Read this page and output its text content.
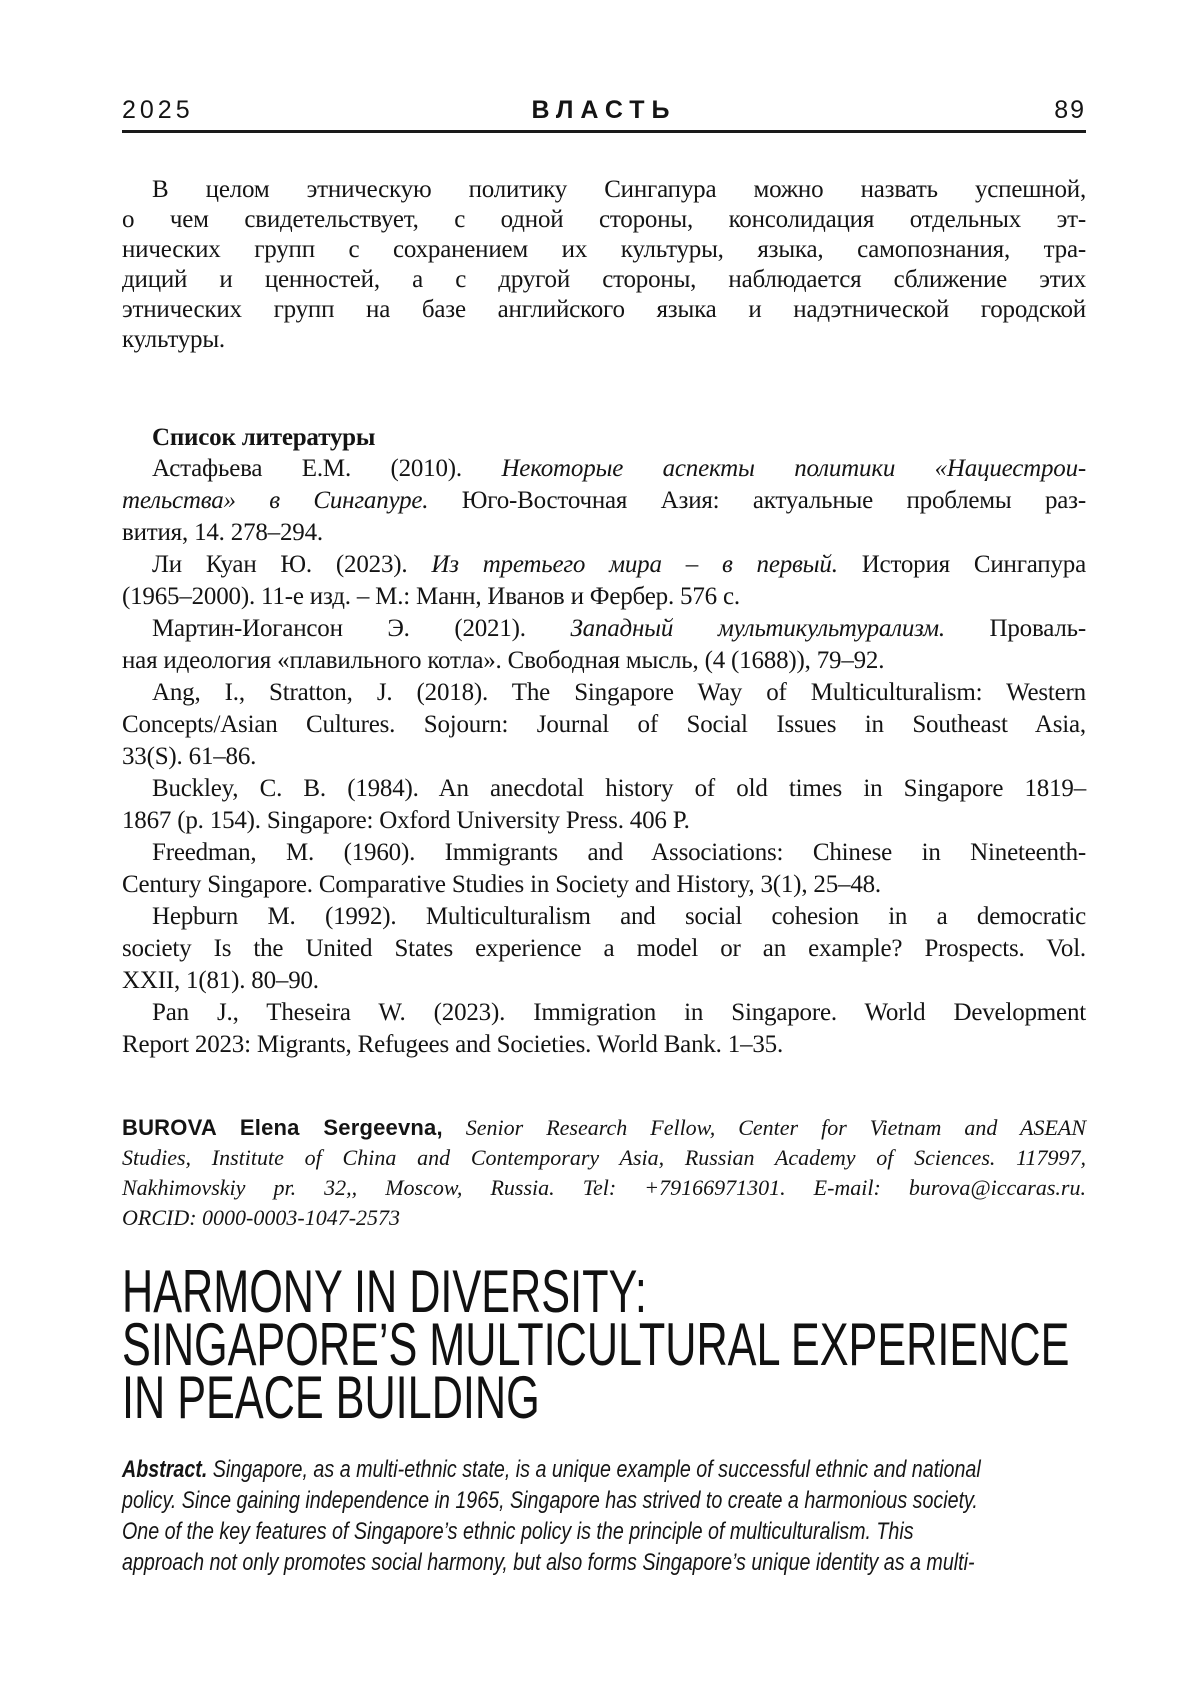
2025	ВЛАСТЬ	89
В целом этническую политику Сингапура можно назвать успешной,
о чем свидетельствует, с одной стороны, консолидация отдельных эт-
нических групп с сохранением их культуры, языка, самопознания, тра-
диций и ценностей, а с другой стороны, наблюдается сближение этих
этнических групп на базе английского языка и надэтнической городской
культуры.
Список литературы
Астафьева Е.М. (2010). Некоторые аспекты политики «Нациестрои-
тельства» в Сингапуре. Юго-Восточная Азия: актуальные проблемы раз-
вития, 14. 278–294.
Ли Куан Ю. (2023). Из третьего мира – в первый. История Сингапура
(1965–2000). 11-е изд. – М.: Манн, Иванов и Фербер. 576 с.
Мартин-Иогансон Э. (2021). Западный мультикультурализм. Проваль-
ная идеология «плавильного котла». Свободная мысль, (4 (1688)), 79–92.
Ang, I., Stratton, J. (2018). The Singapore Way of Multiculturalism: Western
Concepts/Asian Cultures. Sojourn: Journal of Social Issues in Southeast Asia,
33(S). 61–86.
Buckley, C. B. (1984). An anecdotal history of old times in Singapore 1819–
1867 (p. 154). Singapore: Oxford University Press. 406 P.
Freedman, M. (1960). Immigrants and Associations: Chinese in Nineteenth-
Century Singapore. Comparative Studies in Society and History, 3(1), 25–48.
Hepburn M. (1992). Multiculturalism and social cohesion in a democratic
society Is the United States experience a model or an example? Prospects. Vol.
XXII, 1(81). 80–90.
Pan J., Theseira W. (2023). Immigration in Singapore. World Development
Report 2023: Migrants, Refugees and Societies. World Bank. 1–35.
BUROVA Elena Sergeevna, Senior Research Fellow, Center for Vietnam and ASEAN
Studies, Institute of China and Contemporary Asia, Russian Academy of Sciences. 117997,
Nakhimovskiy pr. 32,, Moscow, Russia. Tel: +79166971301. E-mail: burova@iccaras.ru.
ORCID: 0000-0003-1047-2573
HARMONY IN DIVERSITY:
SINGAPORE’S MULTICULTURAL EXPERIENCE
IN PEACE BUILDING
Abstract. Singapore, as a multi-ethnic state, is a unique example of successful ethnic and national
policy. Since gaining independence in 1965, Singapore has strived to create a harmonious society.
One of the key features of Singapore’s ethnic policy is the principle of multiculturalism. This
approach not only promotes social harmony, but also forms Singapore’s unique identity as a multi-
